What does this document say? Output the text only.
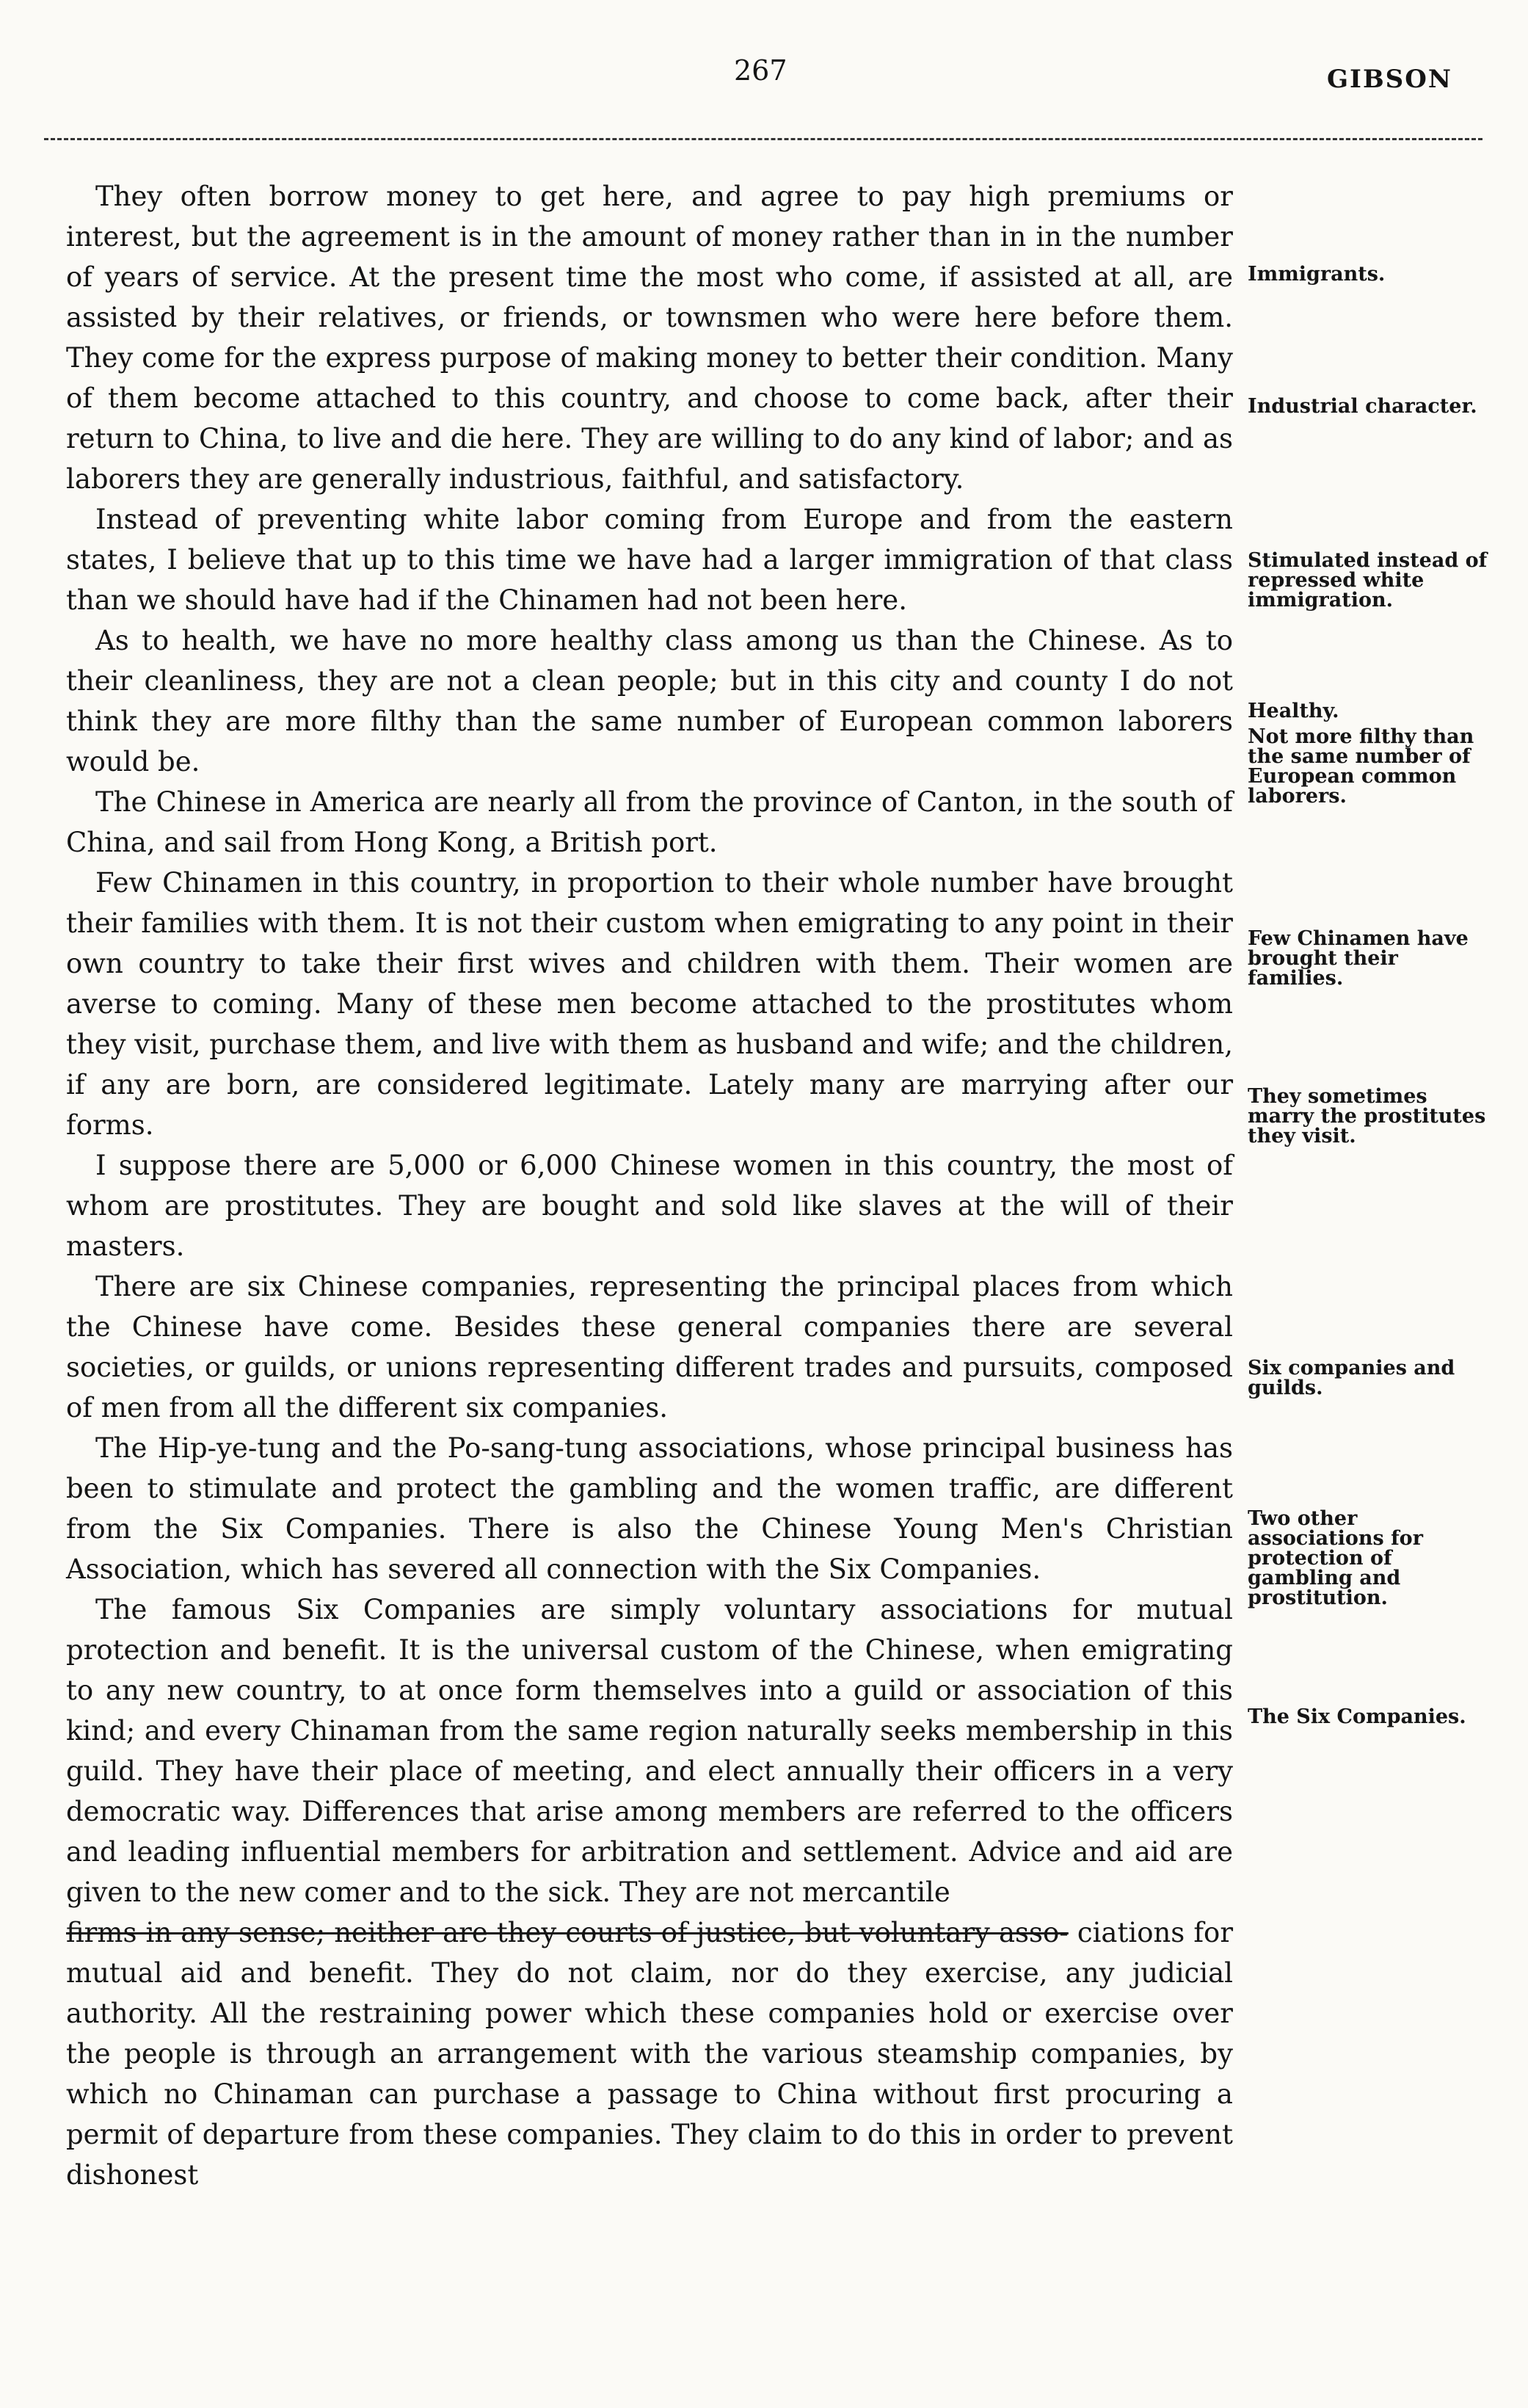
267	GIBSON

They often borrow money to get here, and agree to pay high premiums or interest, but the agreement is in the amount of money rather than in in the number of years of service. At the present time the most who come, if assisted at all, are assisted by their relatives, or friends, or townsmen who were here before them. They come for the express purpose of making money to better their condition. Many of them become attached to this country, and choose to come back, after their return to China, to live and die here. They are willing to do any kind of labor; and as laborers they are generally industrious, faithful, and satisfactory.

Instead of preventing white labor coming from Europe and from the eastern states, I believe that up to this time we have had a larger immigration of that class than we should have had if the Chinamen had not been here.

As to health, we have no more healthy class among us than the Chinese. As to their cleanliness, they are not a clean people; but in this city and county I do not think they are more filthy than the same number of European common laborers would be.

The Chinese in America are nearly all from the province of Canton, in the south of China, and sail from Hong Kong, a British port.

Few Chinamen in this country, in proportion to their whole number have brought their families with them. It is not their custom when emigrating to any point in their own country to take their first wives and children with them. Their women are averse to coming. Many of these men become attached to the prostitutes whom they visit, purchase them, and live with them as husband and wife; and the children, if any are born, are considered legitimate. Lately many are marrying after our forms.

I suppose there are 5,000 or 6,000 Chinese women in this country, the most of whom are prostitutes. They are bought and sold like slaves at the will of their masters.

There are six Chinese companies, representing the principal places from which the Chinese have come. Besides these general companies there are several societies, or guilds, or unions representing different trades and pursuits, composed of men from all the different six companies.

The Hip-ye-tung and the Po-sang-tung associations, whose principal business has been to stimulate and protect the gambling and the women traffic, are different from the Six Companies. There is also the Chinese Young Men's Christian Association, which has severed all connection with the Six Companies.

The famous Six Companies are simply voluntary associations for mutual protection and benefit. It is the universal custom of the Chinese, when emigrating to any new country, to at once form themselves into a guild or association of this kind; and every Chinaman from the same region naturally seeks membership in this guild. They have their place of meeting, and elect annually their officers in a very democratic way. Differences that arise among members are referred to the officers and leading influential members for arbitration and settlement. Advice and aid are given to the new comer and to the sick. They are not mercantile

firms in any sense; neither are they courts of justice, but voluntary asso- ciations for mutual aid and benefit. They do not claim, nor do they exercise, any judicial authority. All the restraining power which these companies hold or exercise over the people is through an arrangement with the various steamship companies, by which no Chinaman can purchase a passage to China without first procuring a permit of departure from these companies. They claim to do this in order to prevent dishonest

Immigrants.
Industrial character.
Stimulated instead of repressed white immigration.
Healthy.
Not more filthy than the same number of European common laborers.
Few Chinamen have brought their families.
They sometimes marry the prostitutes they visit.
Six companies and guilds.
Two other associations for protection of gambling and prostitution.
The Six Companies.
